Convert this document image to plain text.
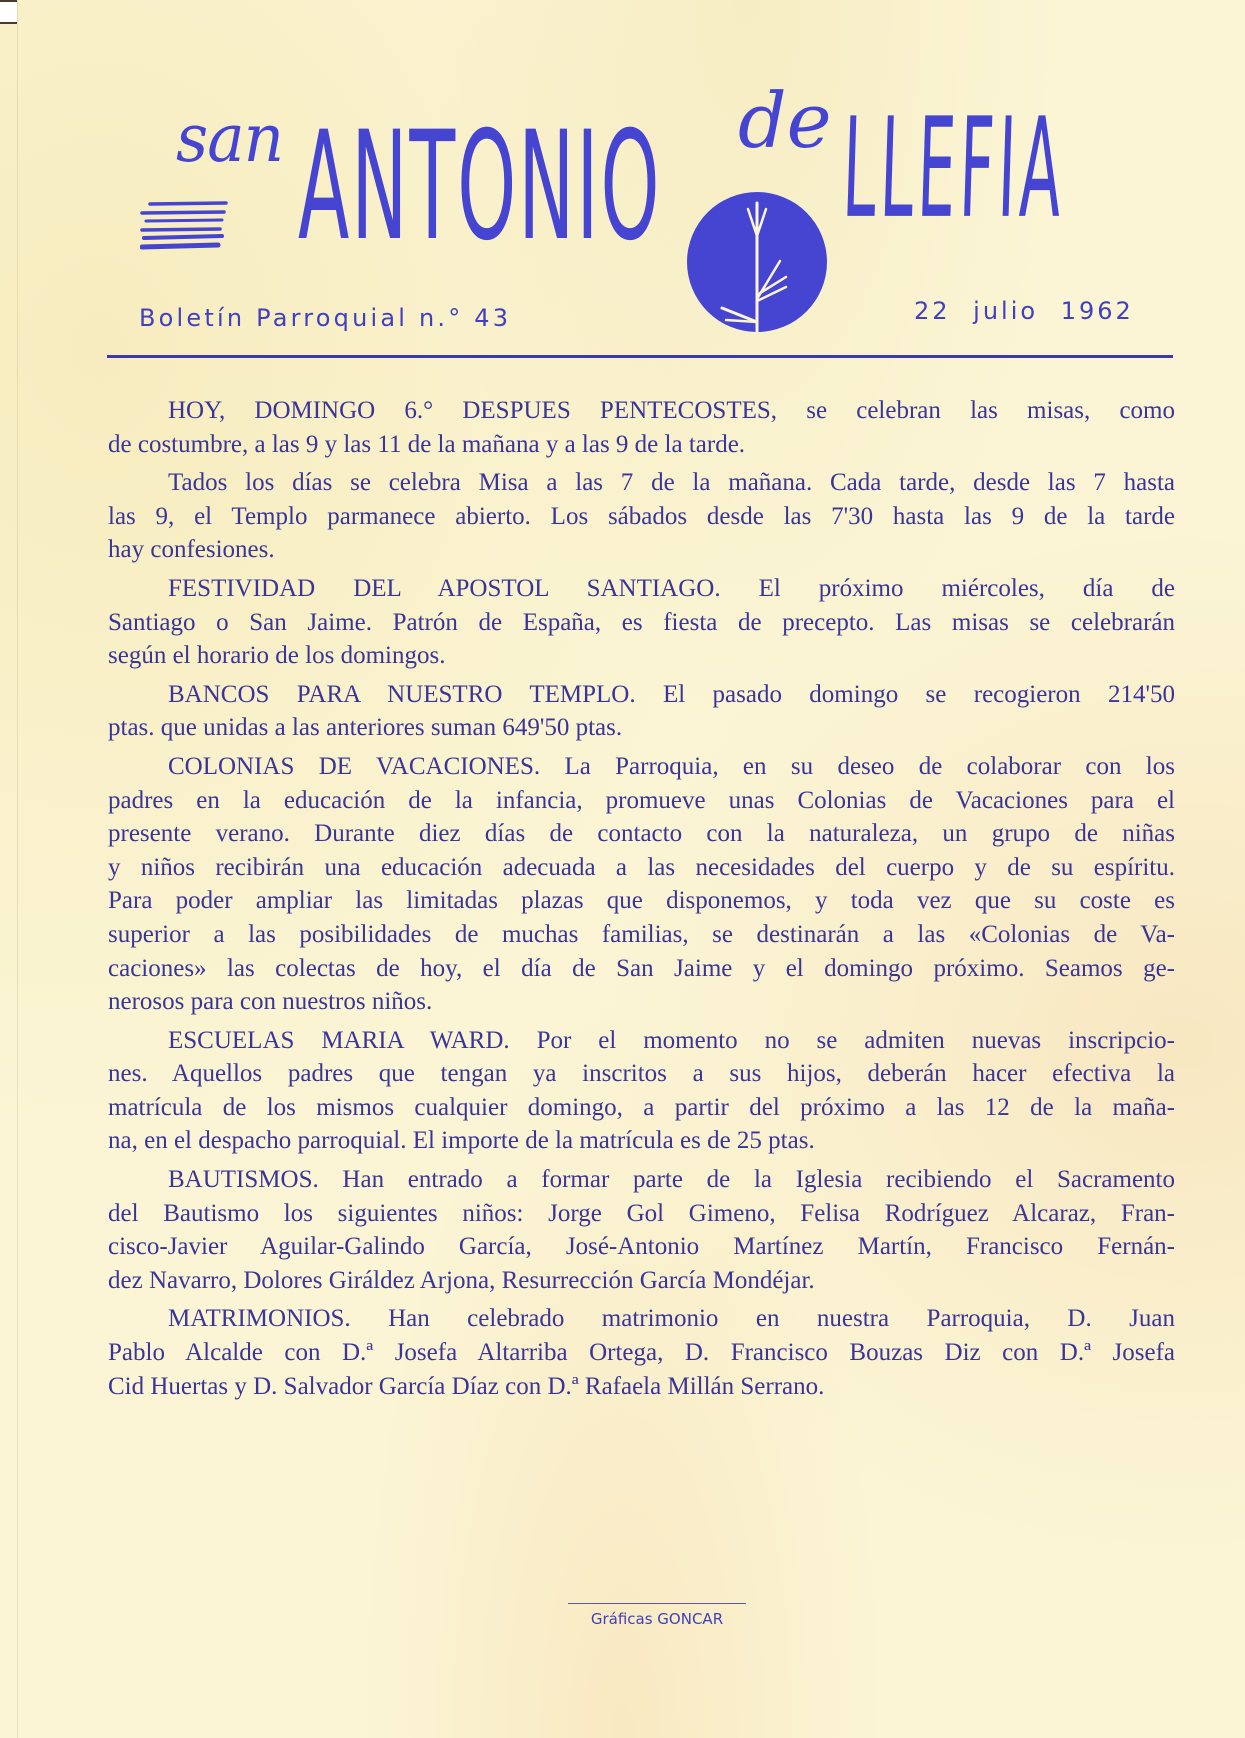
san ANTONIO de LLEFIA
Boletín Parroquial n.° 43	22 julio 1962
HOY, DOMINGO 6.° DESPUES PENTECOSTES, se celebran las misas, como
de costumbre, a las 9 y las 11 de la mañana y a las 9 de la tarde.
Tados los días se celebra Misa a las 7 de la mañana. Cada tarde, desde las 7 hasta
las 9, el Templo parmanece abierto. Los sábados desde las 7'30 hasta las 9 de la tarde
hay confesiones.
FESTIVIDAD DEL APOSTOL SANTIAGO. El próximo miércoles, día de
Santiago o San Jaime. Patrón de España, es fiesta de precepto. Las misas se celebrarán
según el horario de los domingos.
BANCOS PARA NUESTRO TEMPLO. El pasado domingo se recogieron 214'50
ptas. que unidas a las anteriores suman 649'50 ptas.
COLONIAS DE VACACIONES. La Parroquia, en su deseo de colaborar con los
padres en la educación de la infancia, promueve unas Colonias de Vacaciones para el
presente verano. Durante diez días de contacto con la naturaleza, un grupo de niñas
y niños recibirán una educación adecuada a las necesidades del cuerpo y de su espíritu.
Para poder ampliar las limitadas plazas que disponemos, y toda vez que su coste es
superior a las posibilidades de muchas familias, se destinarán a las «Colonias de Va-
caciones» las colectas de hoy, el día de San Jaime y el domingo próximo. Seamos ge-
nerosos para con nuestros niños.
ESCUELAS MARIA WARD. Por el momento no se admiten nuevas inscripcio-
nes. Aquellos padres que tengan ya inscritos a sus hijos, deberán hacer efectiva la
matrícula de los mismos cualquier domingo, a partir del próximo a las 12 de la maña-
na, en el despacho parroquial. El importe de la matrícula es de 25 ptas.
BAUTISMOS. Han entrado a formar parte de la Iglesia recibiendo el Sacramento
del Bautismo los siguientes niños: Jorge Gol Gimeno, Felisa Rodríguez Alcaraz, Fran-
cisco-Javier Aguilar-Galindo García, José-Antonio Martínez Martín, Francisco Fernán-
dez Navarro, Dolores Giráldez Arjona, Resurrección García Mondéjar.
MATRIMONIOS. Han celebrado matrimonio en nuestra Parroquia, D. Juan
Pablo Alcalde con D.ª Josefa Altarriba Ortega, D. Francisco Bouzas Diz con D.ª Josefa
Cid Huertas y D. Salvador García Díaz con D.ª Rafaela Millán Serrano.
Gráficas GONCAR
